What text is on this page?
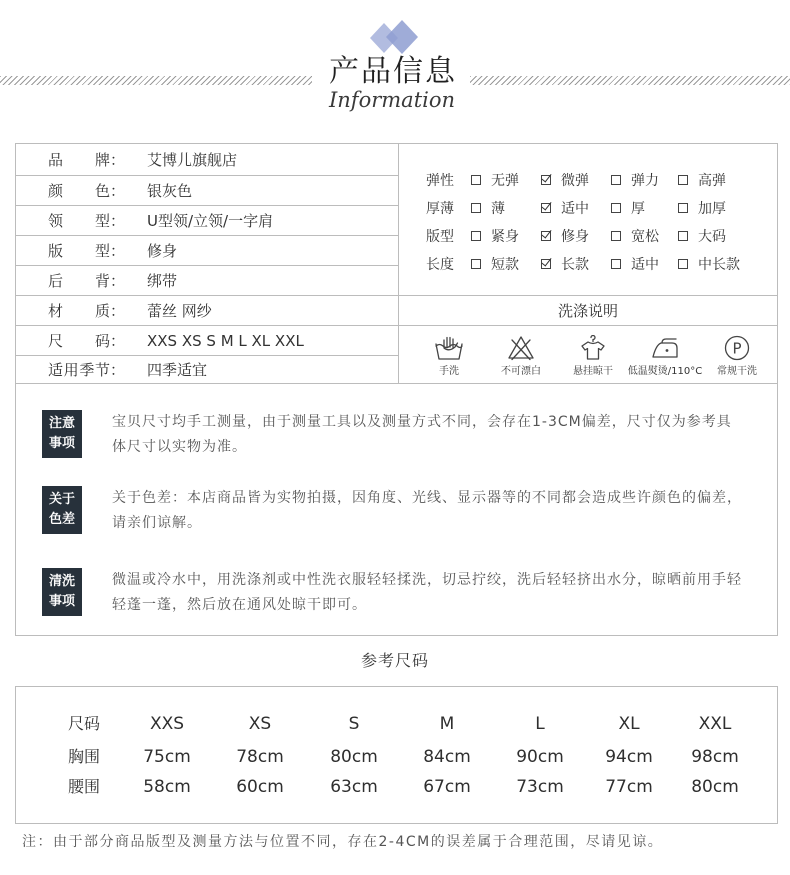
产品信息
Information
品 牌 ：	艾博儿旗舰店
颜 色 ：	银灰色
领 型 ：	U型领/立领/一字肩
版 型 ：	修身
后 背 ：	绑带
材 质 ：	蕾丝 网纱
尺 码 ：	XXS XS S M L XL XXL
适用季节 ：	四季适宜
弹性	无弹	微弹	弹力	高弹
厚薄	薄	适中	厚	加厚
版型	紧身	修身	宽松	大码
长度	短款	长款	适中	中长款
洗涤说明
手洗	不可漂白	悬挂晾干 低温熨烫/110°C
P
常规干洗
注意
事项
宝贝尺寸均手工测量，由于测量工具以及测量方式不同，会存在1-3CM偏差，尺寸仅为参考具
体尺寸以实物为准。
关于
色差
关于色差：本店商品皆为实物拍摄，因角度、光线、显示器等的不同都会造成些许颜色的偏差，
请亲们谅解。
清洗
事项
微温或冷水中，用洗涤剂或中性洗衣服轻轻揉洗，切忌拧绞，洗后轻轻挤出水分，晾晒前用手轻
轻蓬一蓬，然后放在通风处晾干即可。
参考尺码
尺码	XXS	XS	S	M	L	XL	XXL
胸围	75cm	78cm	80cm	84cm	90cm	94cm	98cm
腰围	58cm	60cm	63cm	67cm	73cm	77cm	80cm
注：由于部分商品版型及测量方法与位置不同，存在2-4CM的误差属于合理范围，尽请见谅。
